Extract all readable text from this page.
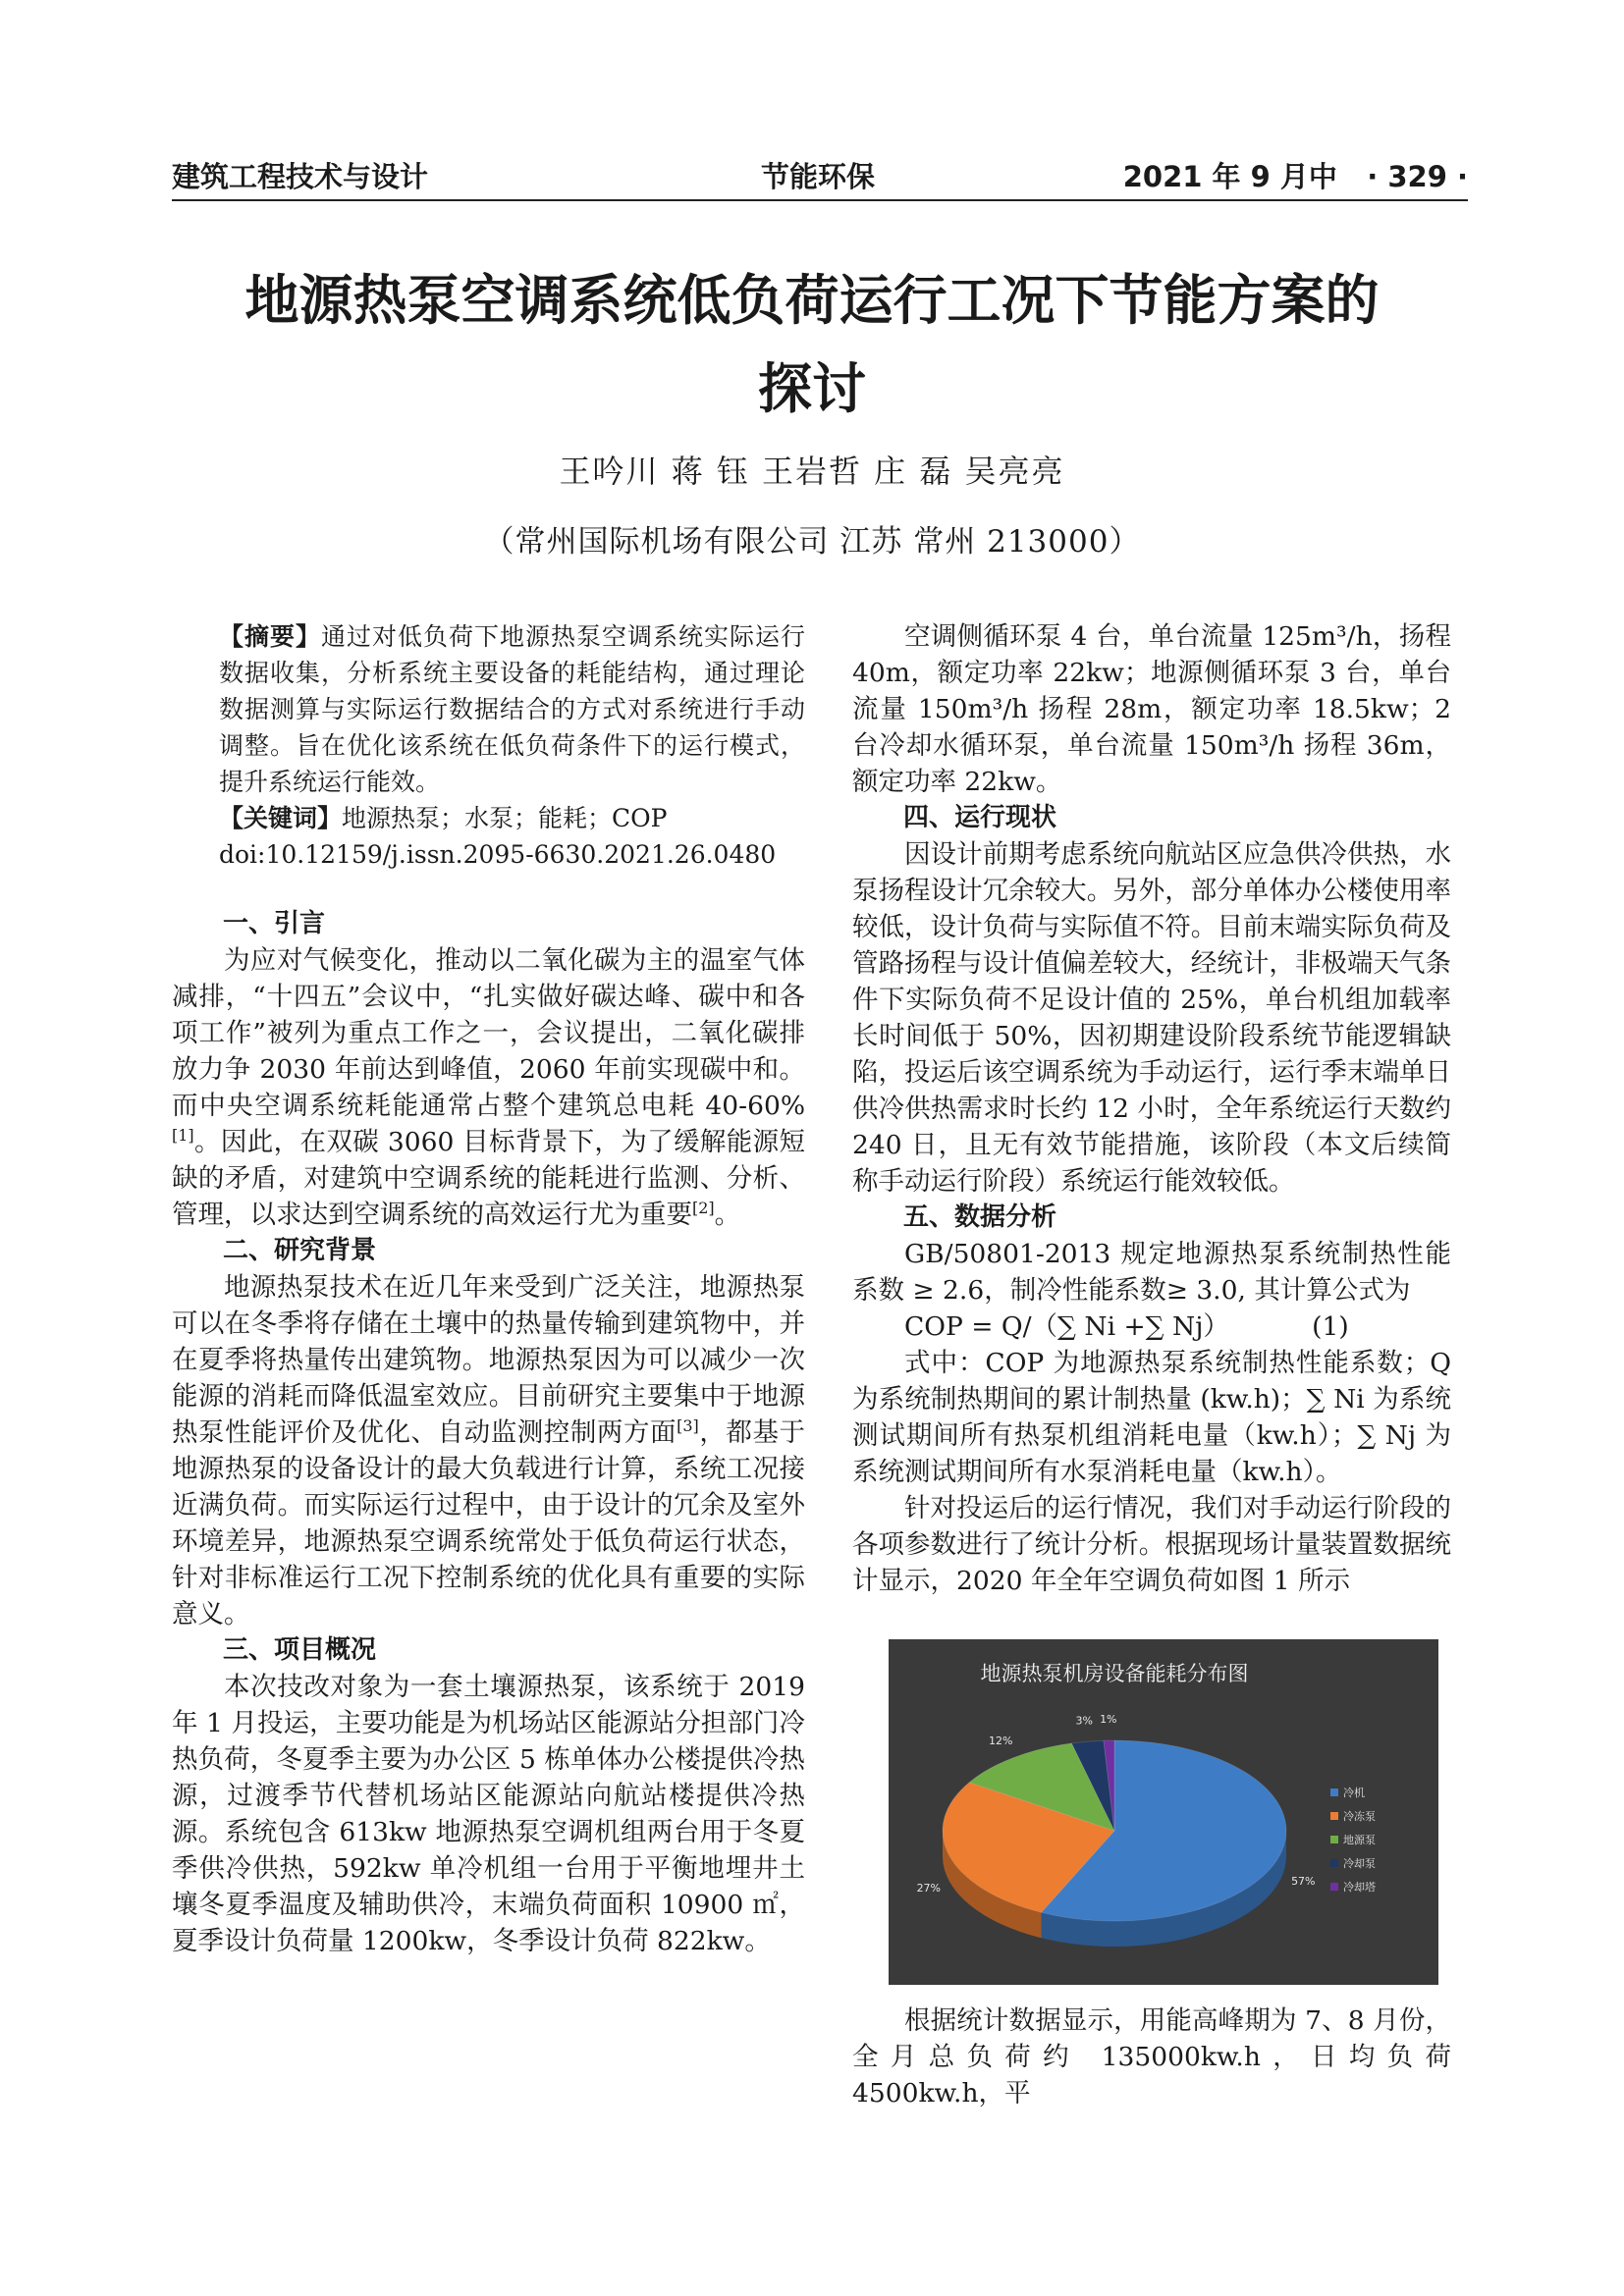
建筑工程技术与设计	节能环保	2021 年 9 月中 · 329 ·
地源热泵空调系统低负荷运行工况下节能方案的
探讨
王吟川 蒋 钰 王岩哲 庄 磊 吴亮亮
（常州国际机场有限公司 江苏 常州 213000）

【摘要】通过对低负荷下地源热泵空调系统实际运行数据收集，分析系统主要设备的耗能结构，通过理论数据测算与实际运行数据结合的方式对系统进行手动调整。旨在优化该系统在低负荷条件下的运行模式，提升系统运行能效。

【关键词】地源热泵；水泵；能耗；COP

doi:10.12159/j.issn.2095-6630.2021.26.0480

一、引言

为应对气候变化，推动以二氧化碳为主的温室气体减排，“十四五”会议中，“扎实做好碳达峰、碳中和各项工作”被列为重点工作之一，会议提出，二氧化碳排放力争 2030 年前达到峰值，2060 年前实现碳中和。而中央空调系统耗能通常占整个建筑总电耗 40-60%[1]。因此，在双碳 3060 目标背景下，为了缓解能源短缺的矛盾，对建筑中空调系统的能耗进行监测、分析、管理，以求达到空调系统的高效运行尤为重要[2]。

二、研究背景

地源热泵技术在近几年来受到广泛关注，地源热泵可以在冬季将存储在土壤中的热量传输到建筑物中，并在夏季将热量传出建筑物。地源热泵因为可以减少一次能源的消耗而降低温室效应。目前研究主要集中于地源热泵性能评价及优化、自动监测控制两方面[3]，都基于地源热泵的设备设计的最大负载进行计算，系统工况接近满负荷。而实际运行过程中，由于设计的冗余及室外环境差异，地源热泵空调系统常处于低负荷运行状态，针对非标准运行工况下控制系统的优化具有重要的实际意义。

三、项目概况

本次技改对象为一套土壤源热泵，该系统于 2019 年 1 月投运，主要功能是为机场站区能源站分担部门冷热负荷，冬夏季主要为办公区 5 栋单体办公楼提供冷热源，过渡季节代替机场站区能源站向航站楼提供冷热源。系统包含 613kw 地源热泵空调机组两台用于冬夏季供冷供热，592kw 单冷机组一台用于平衡地埋井土壤冬夏季温度及辅助供冷，末端负荷面积 10900 ㎡，夏季设计负荷量 1200kw，冬季设计负荷 822kw。

空调侧循环泵 4 台，单台流量 125m³/h，扬程 40m，额定功率 22kw；地源侧循环泵 3 台，单台流量 150m³/h 扬程 28m，额定功率 18.5kw；2 台冷却水循环泵，单台流量 150m³/h 扬程 36m，额定功率 22kw。

四、运行现状

因设计前期考虑系统向航站区应急供冷供热，水泵扬程设计冗余较大。另外，部分单体办公楼使用率较低，设计负荷与实际值不符。目前末端实际负荷及管路扬程与设计值偏差较大，经统计，非极端天气条件下实际负荷不足设计值的 25%，单台机组加载率长时间低于 50%，因初期建设阶段系统节能逻辑缺陷，投运后该空调系统为手动运行，运行季末端单日供冷供热需求时长约 12 小时，全年系统运行天数约 240 日，且无有效节能措施，该阶段（本文后续简称手动运行阶段）系统运行能效较低。

五、数据分析

GB/50801-2013 规定地源热泵系统制热性能系数 ≥ 2.6，制冷性能系数≥ 3.0, 其计算公式为

COP = Q/（∑ Ni +∑ Nj）          (1)

式中：COP 为地源热泵系统制热性能系数；Q 为系统制热期间的累计制热量 (kw.h)；∑ Ni 为系统测试期间所有热泵机组消耗电量（kw.h）；∑ Nj 为系统测试期间所有水泵消耗电量（kw.h）。

针对投运后的运行情况，我们对手动运行阶段的各项参数进行了统计分析。根据现场计量装置数据统计显示，2020 年全年空调负荷如图 1 所示

地源热泵机房设备能耗分布图
57%
27%
12%
3% 1%
冷机
冷冻泵
地源泵
冷却泵
冷却塔

根据统计数据显示，用能高峰期为 7、8 月份，全月总负荷约 135000kw.h，日均负荷 4500kw.h，平
